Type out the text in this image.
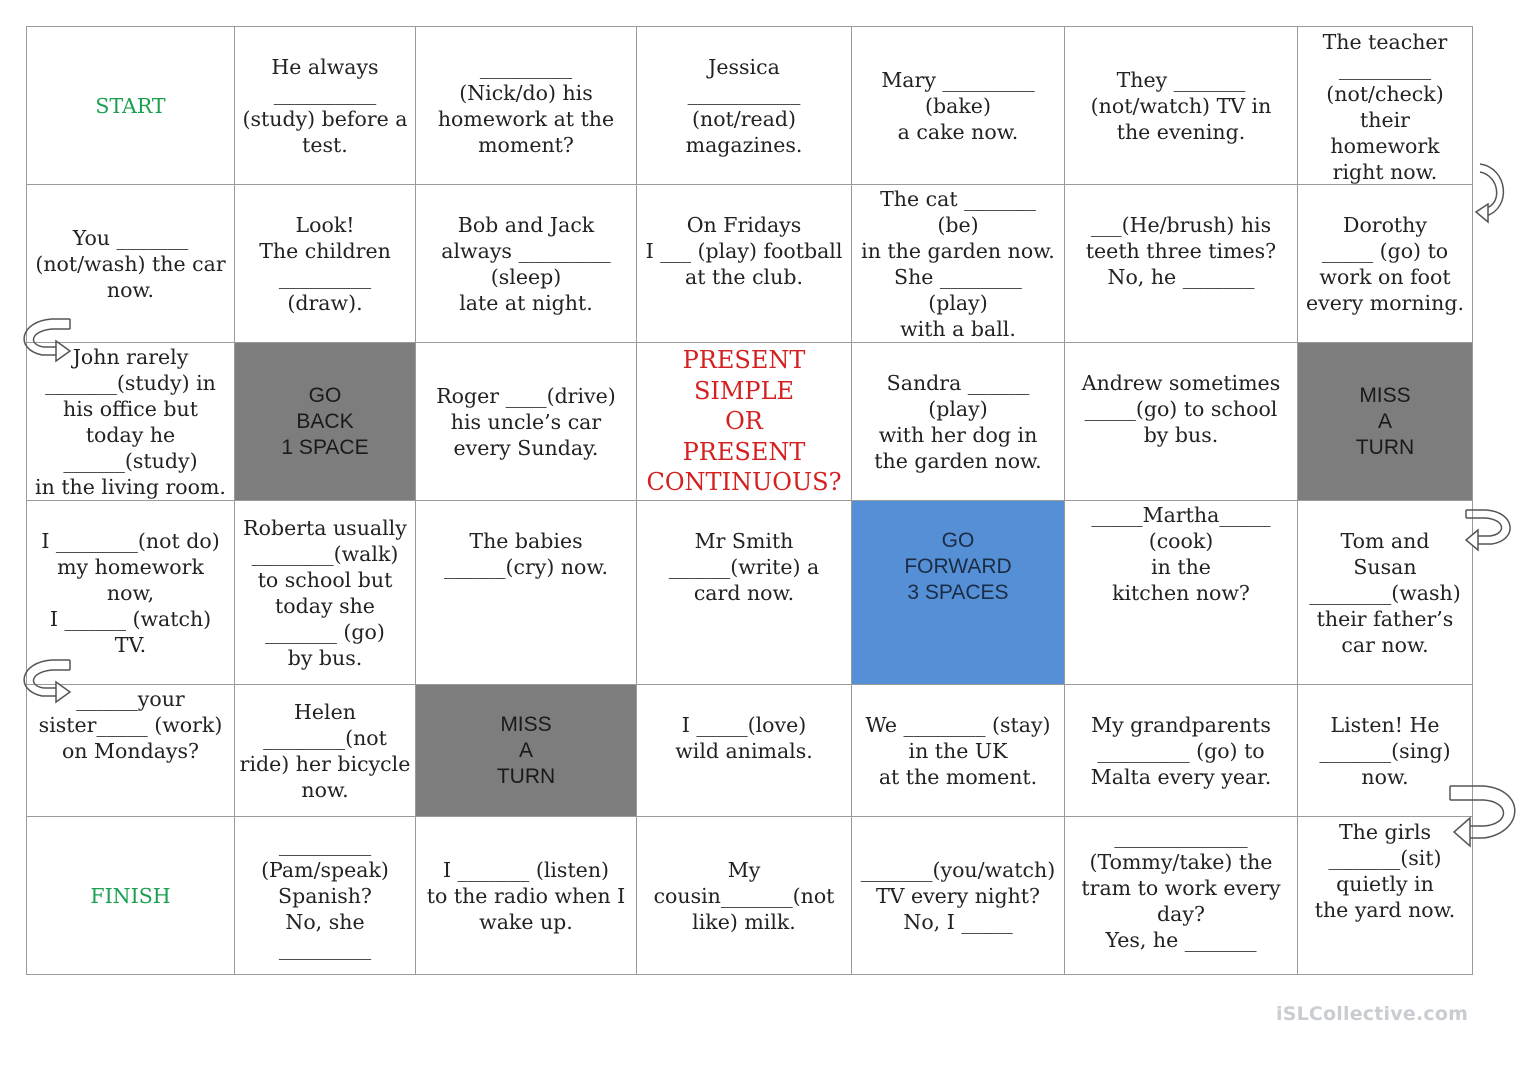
START
He always
__________
(study) before a
test.
_________
(Nick/do) his
homework at the
moment?
Jessica
___________
(not/read)
magazines.
Mary _________
(bake)
a cake now.
They _______
(not/watch) TV in
the evening.
The teacher
_________
(not/check)
their
homework
right now.
You _______
(not/wash) the car
now.
Look!
The children
_________
(draw).
Bob and Jack
always _________
(sleep)
late at night.
On Fridays
I ___ (play) football
at the club.
The cat _______
(be)
in the garden now.
She ________
(play)
with a ball.
___(He/brush) his
teeth three times?
No, he _______
Dorothy
_____ (go) to
work on foot
every morning.
John rarely
_______(study) in
his office but
today he
______(study)
in the living room.
GO
BACK
1 SPACE
Roger ____(drive)
his uncle’s car
every Sunday.
PRESENT
SIMPLE
OR
PRESENT
CONTINUOUS?
Sandra ______
(play)
with her dog in
the garden now.
Andrew sometimes
_____(go) to school
by bus.
MISS
A
TURN
I ________(not do)
my homework
now,
I ______ (watch)
TV.
Roberta usually
________(walk)
to school but
today she
_______ (go)
by bus.
The babies
______(cry) now.
Mr Smith
______(write) a
card now.
GO
FORWARD
3 SPACES
_____Martha_____
(cook)
in the
kitchen now?
Tom and
Susan
________(wash)
their father’s
car now.
______your
sister_____ (work)
on Mondays?
Helen
________(not
ride) her bicycle
now.
MISS
A
TURN
I _____(love)
wild animals.
We ________ (stay)
in the UK
at the moment.
My grandparents
_________ (go) to
Malta every year.
Listen! He
_______(sing)
now.
FINISH
_________
(Pam/speak)
Spanish?
No, she
_________
I _______ (listen)
to the radio when I
wake up.
My
cousin_______(not
like) milk.
_______(you/watch)
TV every night?
No, I _____
_____________
(Tommy/take) the
tram to work every
day?
Yes, he _______
The girls
_______(sit)
quietly in
the yard now.
iSLCollective.com
